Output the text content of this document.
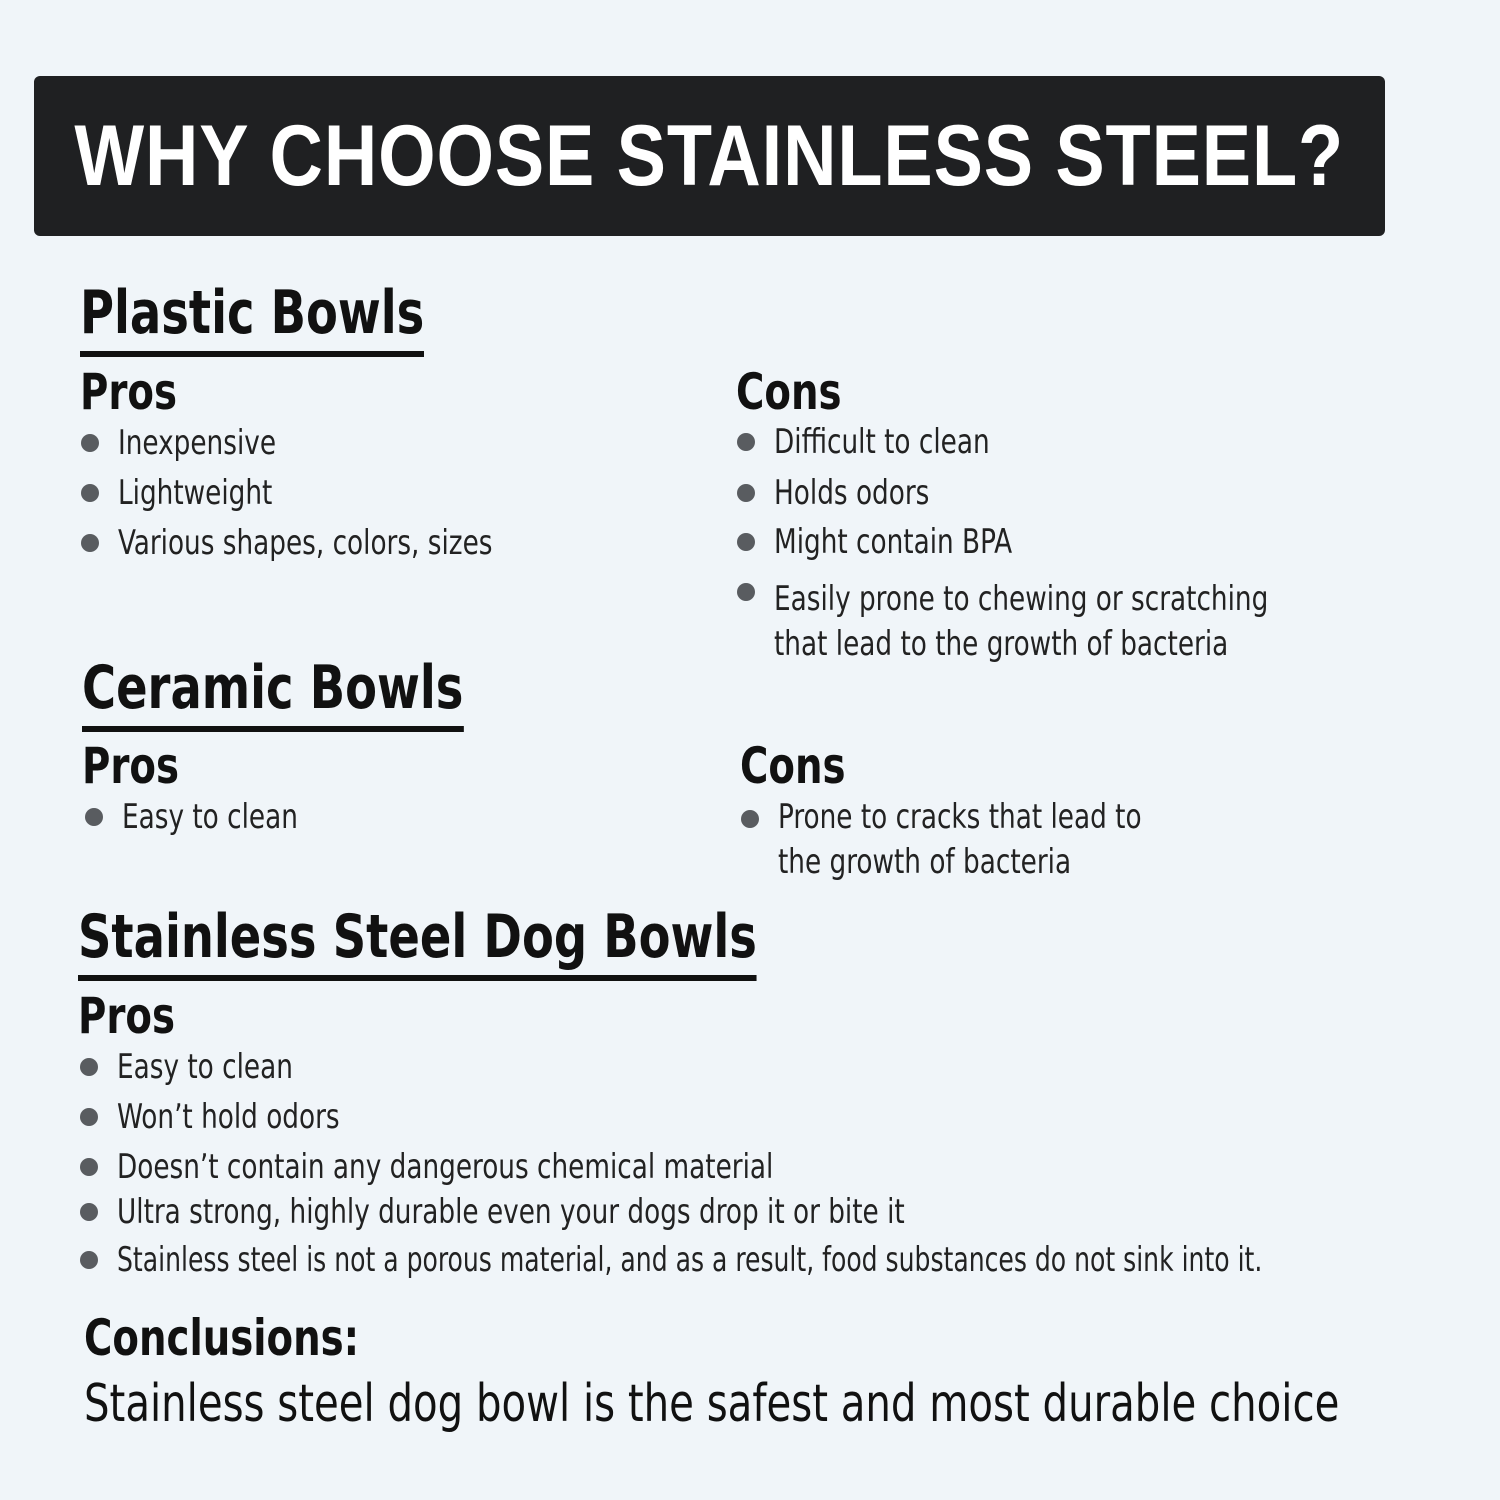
WHY CHOOSE STAINLESS STEEL?
Plastic Bowls
Pros
Inexpensive
Lightweight
Various shapes, colors, sizes
Cons
Difficult to clean
Holds odors
Might contain BPA
Easily prone to chewing or scratching
that lead to the growth of bacteria
Ceramic Bowls
Pros
Easy to clean
Cons
Prone to cracks that lead to
the growth of bacteria
Stainless Steel Dog Bowls
Pros
Easy to clean
Won’t hold odors
Doesn’t contain any dangerous chemical material
Ultra strong, highly durable even your dogs drop it or bite it
Stainless steel is not a porous material, and as a result, food substances do not sink into it.
Conclusions:

Stainless steel dog bowl is the safest and most durable choice
